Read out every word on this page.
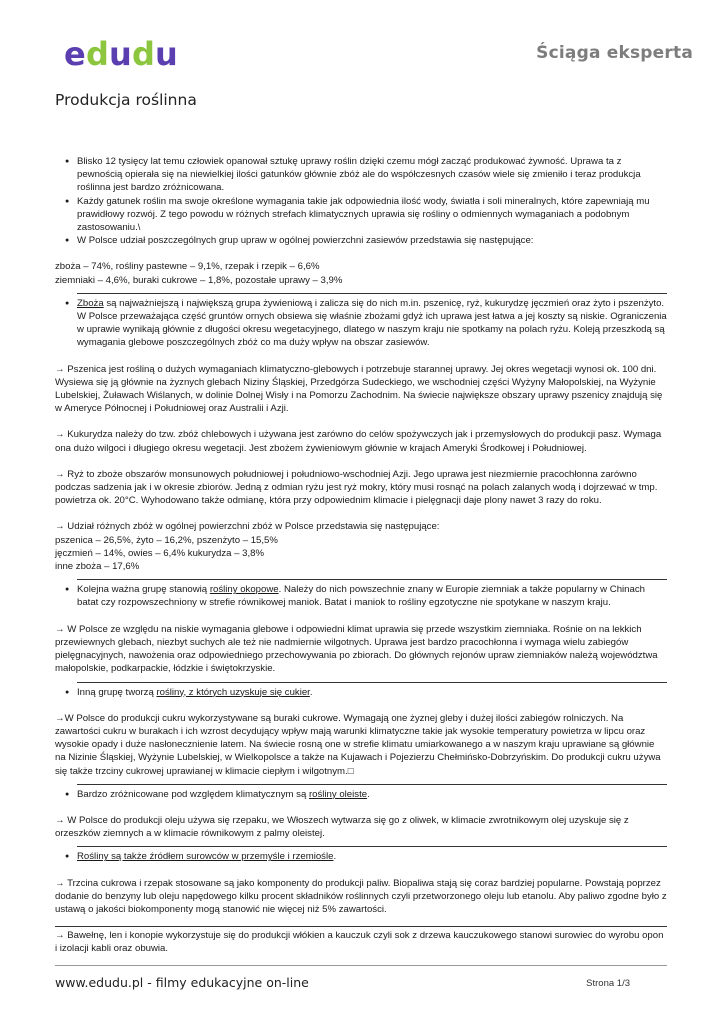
e d u d u	Ściąga eksperta
Produkcja roślinna
● Blisko 12 tysięcy lat temu człowiek opanował sztukę uprawy roślin dzięki czemu mógł zacząć produkować żywność. Uprawa ta z pewnością opierała się na niewielkiej ilości gatunków głównie zbóż ale do współczesnych czasów wiele się zmieniło i teraz produkcja roślinna jest bardzo zróżnicowana.
● Każdy gatunek roślin ma swoje określone wymagania takie jak odpowiednia ilość wody, światła i soli mineralnych, które zapewniają mu prawidłowy rozwój. Z tego powodu w różnych strefach klimatycznych uprawia się rośliny o odmiennych wymaganiach a podobnym zastosowaniu.\
● W Polsce udział poszczególnych grup upraw w ogólnej powierzchni zasiewów przedstawia się następujące:

zboża – 74%, rośliny pastewne – 9,1%, rzepak i rzepik – 6,6%

ziemniaki – 4,6%, buraki cukrowe – 1,8%, pozostałe uprawy – 3,9%

● Zboża są najważniejszą i największą grupa żywieniową i zalicza się do nich m.in. pszenicę, ryż, kukurydzę jęczmień oraz żyto i pszenżyto. W Polsce przeważająca część gruntów ornych obsiewa się właśnie zbożami gdyż ich uprawa jest łatwa a jej koszty są niskie. Ograniczenia w uprawie wynikają głównie z długości okresu wegetacyjnego, dlatego w naszym kraju nie spotkamy na polach ryżu. Koleją przeszkodą są wymagania glebowe poszczególnych zbóż co ma duży wpływ na obszar zasiewów.

→ Pszenica jest rośliną o dużych wymaganiach klimatyczno-glebowych i potrzebuje starannej uprawy. Jej okres wegetacji wynosi ok. 100 dni. Wysiewa się ją głównie na żyznych glebach Niziny Śląskiej, Przedgórza Sudeckiego, we wschodniej części Wyżyny Małopolskiej, na Wyżynie Lubelskiej, Żuławach Wiślanych, w dolinie Dolnej Wisły i na Pomorzu Zachodnim. Na świecie największe obszary uprawy pszenicy znajdują się w Ameryce Północnej i Południowej oraz Australii i Azji.

→ Kukurydza należy do tzw. zbóż chlebowych i używana jest zarówno do celów spożywczych jak i przemysłowych do produkcji pasz. Wymaga ona dużo wilgoci i długiego okresu wegetacji. Jest zbożem żywieniowym głównie w krajach Ameryki Środkowej i Południowej.

→ Ryż to zboże obszarów monsunowych południowej i południowo-wschodniej Azji. Jego uprawa jest niezmiernie pracochłonna zarówno podczas sadzenia jak i w okresie zbiorów. Jedną z odmian ryżu jest ryż mokry, który musi rosnąć na polach zalanych wodą i dojrzewać w tmp. powietrza ok. 20°C. Wyhodowano także odmianę, która przy odpowiednim klimacie i pielęgnacji daje plony nawet 3 razy do roku.

→ Udział różnych zbóż w ogólnej powierzchni zbóż w Polsce przedstawia się następujące:

pszenica – 26,5%, żyto – 16,2%, pszenżyto – 15,5%

jęczmień – 14%, owies – 6,4% kukurydza – 3,8%

inne zboża – 17,6%

● Kolejna ważna grupę stanowią rośliny okopowe. Należy do nich powszechnie znany w Europie ziemniak a także popularny w Chinach batat czy rozpowszechniony w strefie równikowej maniok. Batat i maniok to rośliny egzotyczne nie spotykane w naszym kraju.

→ W Polsce ze względu na niskie wymagania glebowe i odpowiedni klimat uprawia się przede wszystkim ziemniaka. Rośnie on na lekkich przewiewnych glebach, niezbyt suchych ale też nie nadmiernie wilgotnych. Uprawa jest bardzo pracochłonna i wymaga wielu zabiegów pielęgnacyjnych, nawożenia oraz odpowiedniego przechowywania po zbiorach. Do głównych rejonów upraw ziemniaków należą województwa małopolskie, podkarpackie, łódzkie i świętokrzyskie.

● Inną grupę tworzą rośliny, z których uzyskuje się cukier.

→W Polsce do produkcji cukru wykorzystywane są buraki cukrowe. Wymagają one żyznej gleby i dużej ilości zabiegów rolniczych. Na zawartości cukru w burakach i ich wzrost decydujący wpływ mają warunki klimatyczne takie jak wysokie temperatury powietrza w lipcu oraz wysokie opady i duże nasłonecznienie latem. Na świecie rosną one w strefie klimatu umiarkowanego a w naszym kraju uprawiane są głównie na Nizinie Śląskiej, Wyżynie Lubelskiej, w Wielkopolsce a także na Kujawach i Pojezierzu Chełmińsko-Dobrzyńskim. Do produkcji cukru używa się także trzciny cukrowej uprawianej w klimacie ciepłym i wilgotnym.□

● Bardzo zróżnicowane pod względem klimatycznym są rośliny oleiste.

→ W Polsce do produkcji oleju używa się rzepaku, we Włoszech wytwarza się go z oliwek, w klimacie zwrotnikowym olej uzyskuje się z orzeszków ziemnych a w klimacie równikowym z palmy oleistej.

● Rośliny są także źródłem surowców w przemyśle i rzemiośle.

→ Trzcina cukrowa i rzepak stosowane są jako komponenty do produkcji paliw. Biopaliwa stają się coraz bardziej popularne. Powstają poprzez dodanie do benzyny lub oleju napędowego kilku procent składników roślinnych czyli przetworzonego oleju lub etanolu. Aby paliwo zgodne było z ustawą o jakości biokomponenty mogą stanowić nie więcej niż 5% zawartości.

→ Bawełnę, len i konopie wykorzystuje się do produkcji włókien a kauczuk czyli sok z drzewa kauczukowego stanowi surowiec do wyrobu opon i izolacji kabli oraz obuwia.

www.edudu.pl - filmy edukacyjne on-line	Strona 1/3
